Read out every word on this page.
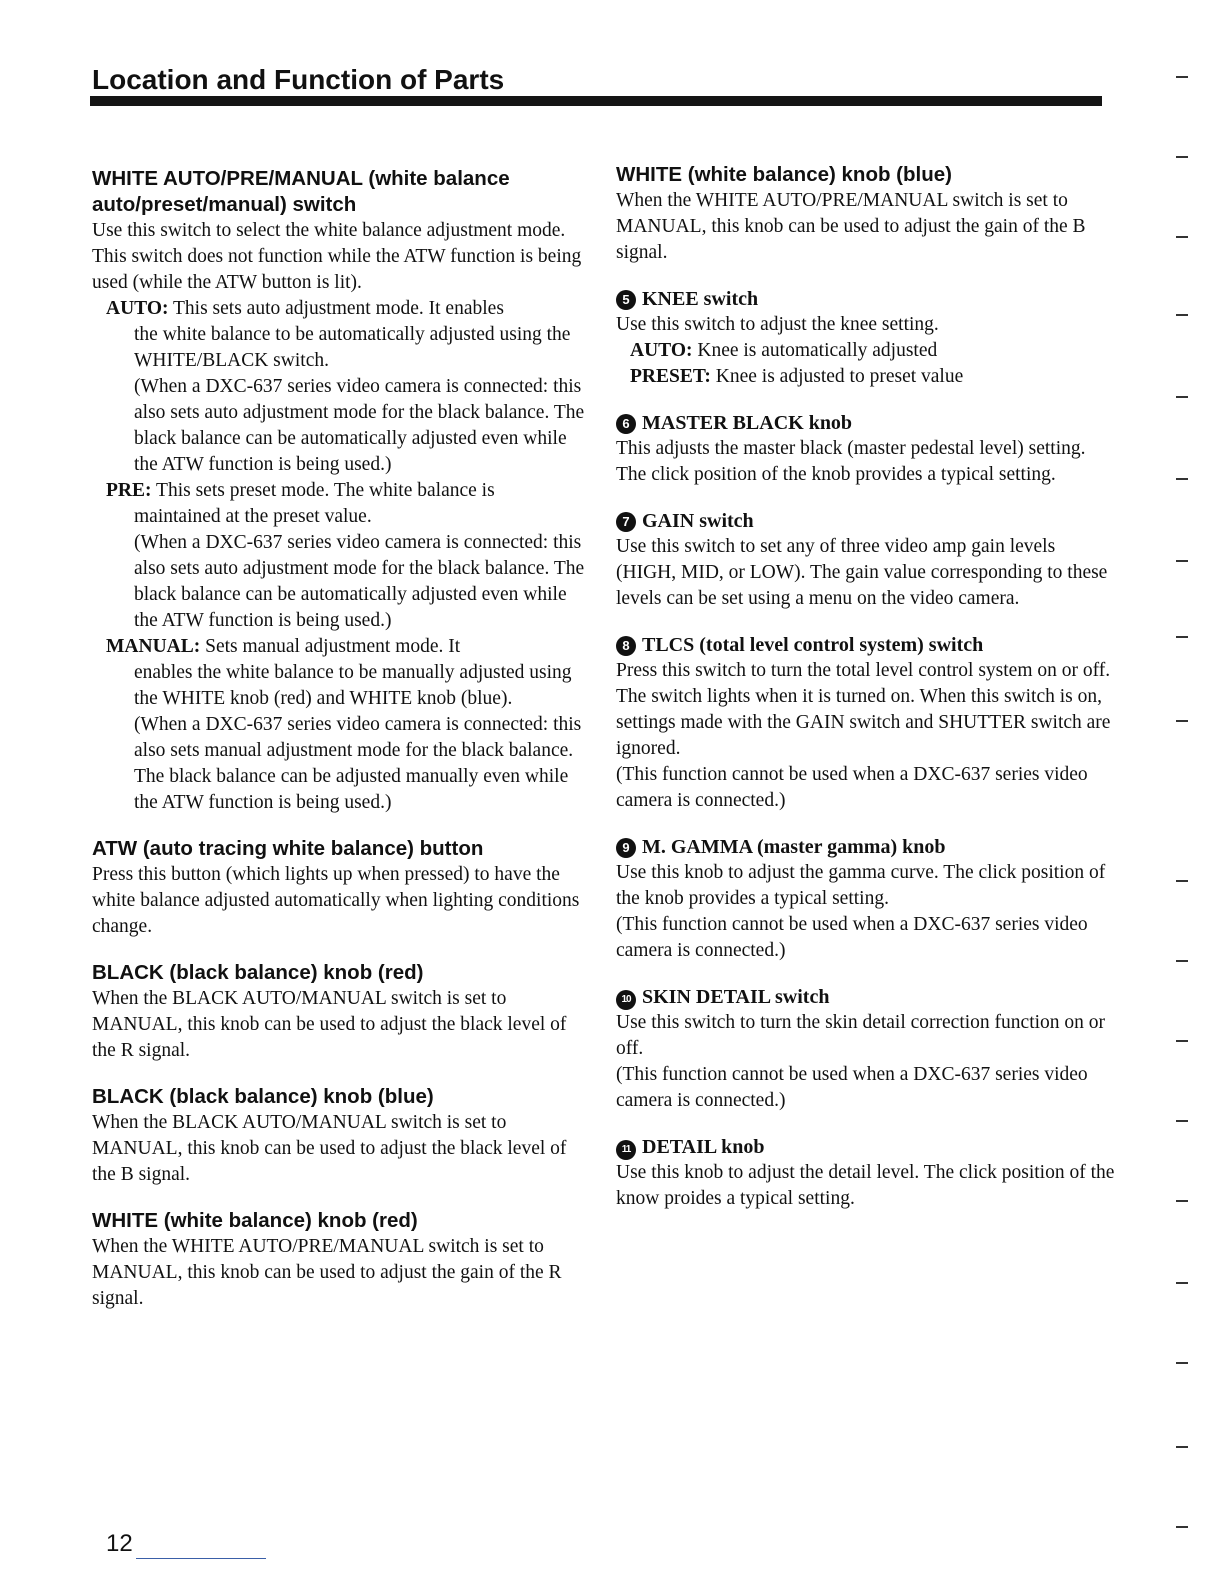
Location and Function of Parts
WHITE AUTO/PRE/MANUAL (white balance auto/preset/manual) switch

Use this switch to select the white balance adjustment mode. This switch does not function while the ATW function is being used (while the ATW button is lit).

AUTO: This sets auto adjustment mode. It enables

the white balance to be automatically adjusted using the WHITE/BLACK switch.

(When a DXC-637 series video camera is connected: this also sets auto adjustment mode for the black balance. The black balance can be automatically adjusted even while the ATW function is being used.)

PRE: This sets preset mode. The white balance is

maintained at the preset value.

(When a DXC-637 series video camera is connected: this also sets auto adjustment mode for the black balance. The black balance can be automatically adjusted even while the ATW function is being used.)

MANUAL: Sets manual adjustment mode. It

enables the white balance to be manually adjusted using the WHITE knob (red) and WHITE knob (blue).

(When a DXC-637 series video camera is connected: this also sets manual adjustment mode for the black balance. The black balance can be adjusted manually even while the ATW function is being used.)

ATW (auto tracing white balance) button

Press this button (which lights up when pressed) to have the white balance adjusted automatically when lighting conditions change.

BLACK (black balance) knob (red)

When the BLACK AUTO/MANUAL switch is set to MANUAL, this knob can be used to adjust the black level of the R signal.

BLACK (black balance) knob (blue)

When the BLACK AUTO/MANUAL switch is set to MANUAL, this knob can be used to adjust the black level of the B signal.

WHITE (white balance) knob (red)

When the WHITE AUTO/PRE/MANUAL switch is set to MANUAL, this knob can be used to adjust the gain of the R signal.

WHITE (white balance) knob (blue)

When the WHITE AUTO/PRE/MANUAL switch is set to MANUAL, this knob can be used to adjust the gain of the B signal.

5 KNEE switch

Use this switch to adjust the knee setting.

AUTO: Knee is automatically adjusted

PRESET: Knee is adjusted to preset value

6 MASTER BLACK knob

This adjusts the master black (master pedestal level) setting. The click position of the knob provides a typical setting.

7 GAIN switch

Use this switch to set any of three video amp gain levels (HIGH, MID, or LOW). The gain value corresponding to these levels can be set using a menu on the video camera.

8 TLCS (total level control system) switch

Press this switch to turn the total level control system on or off. The switch lights when it is turned on. When this switch is on, settings made with the GAIN switch and SHUTTER switch are ignored.

(This function cannot be used when a DXC-637 series video camera is connected.)

9 M. GAMMA (master gamma) knob

Use this knob to adjust the gamma curve. The click position of the knob provides a typical setting.

(This function cannot be used when a DXC-637 series video camera is connected.)

10 SKIN DETAIL switch

Use this switch to turn the skin detail correction function on or off.

(This function cannot be used when a DXC-637 series video camera is connected.)

11 DETAIL knob

Use this knob to adjust the detail level. The click position of the know proides a typical setting.

12
